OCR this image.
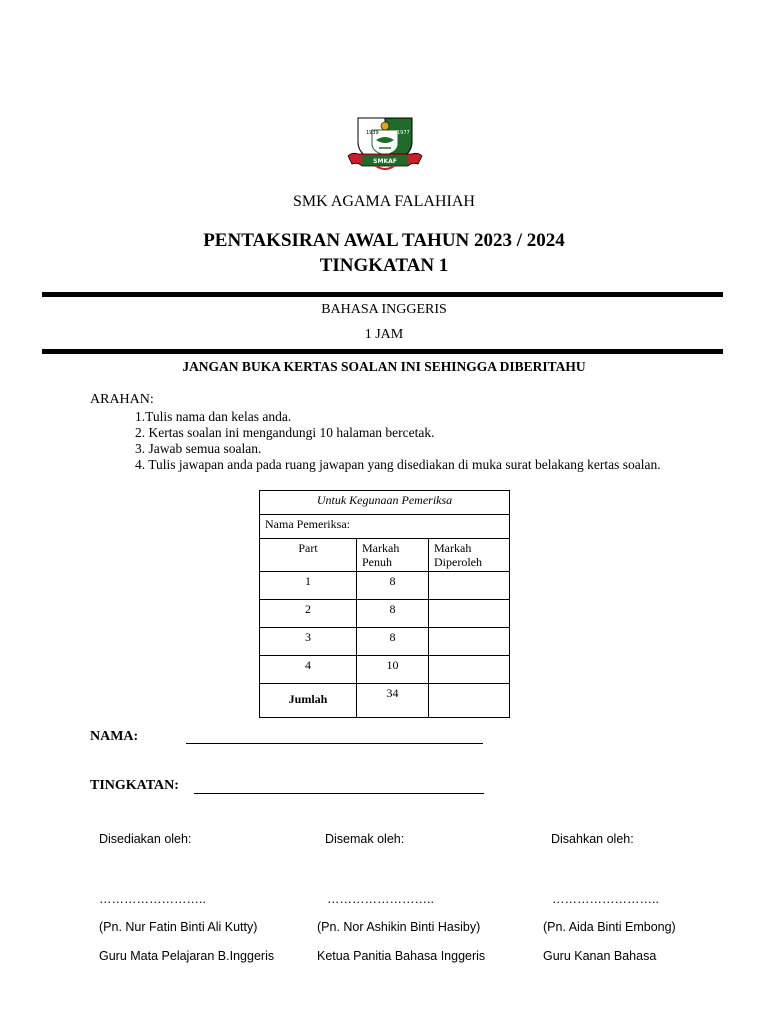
1939	1977
SMKAF
SMK AGAMA FALAHIAH
PENTAKSIRAN AWAL TAHUN 2023 / 2024
TINGKATAN 1
BAHASA INGGERIS
1 JAM
JANGAN BUKA KERTAS SOALAN INI SEHINGGA DIBERITAHU
ARAHAN:
1.Tulis nama dan kelas anda.
2. Kertas soalan ini mengandungi 10 halaman bercetak.
3. Jawab semua soalan.
4. Tulis jawapan anda pada ruang jawapan yang disediakan di muka surat belakang kertas soalan.
Untuk Kegunaan Pemeriksa		
Nama Pemeriksa:		
Part	Markah Penuh	Markah Diperoleh
1	8	
2	8	
3	8	
4	10	
Jumlah	34	
NAMA:
TINGKATAN:
Disediakan oleh:	Disemak oleh:	Disahkan oleh:
……………………..	……………………..	……………………..
(Pn. Nur Fatin Binti Ali Kutty)	(Pn. Nor Ashikin Binti Hasiby)	(Pn. Aida Binti Embong)
Guru Mata Pelajaran B.Inggeris	Ketua Panitia Bahasa Inggeris	Guru Kanan Bahasa
